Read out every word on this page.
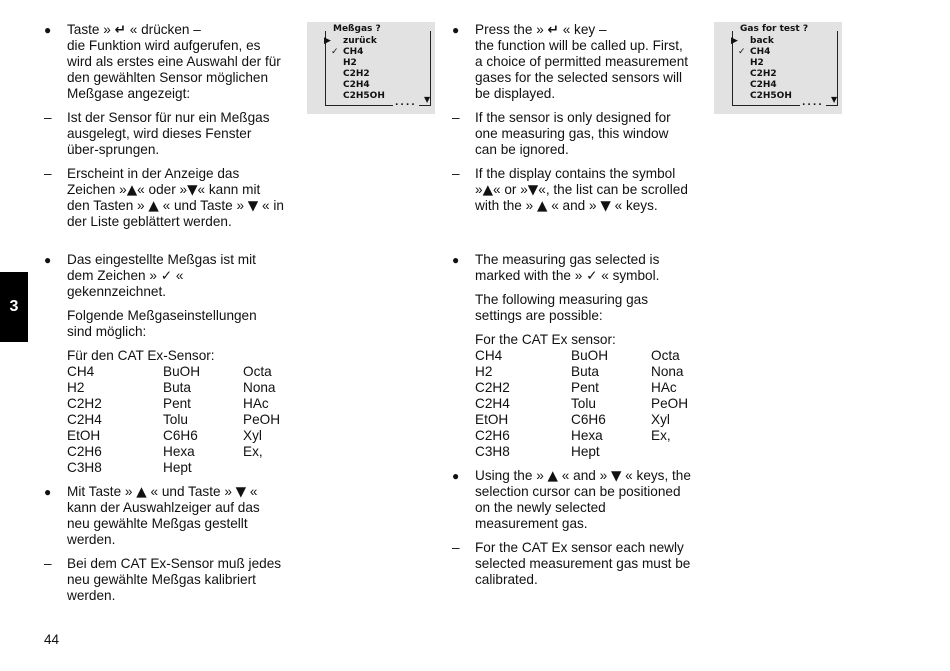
●
Taste » ↵ « drücken –
die Funktion wird aufgerufen, es wird als erstes eine Auswahl der für den gewählten Sensor möglichen Meßgase angezeigt:
–
Ist der Sensor für nur ein Meßgas ausgelegt, wird dieses Fenster über-sprungen.
–
Erscheint in der Anzeige das Zeichen »▲« oder »▼« kann mit den Tasten » ▲ « und Taste » ▼ « in der Liste geblättert werden.
●
Das eingestellte Meßgas ist mit dem Zeichen » ✓ « gekennzeichnet.
Folgende Meßgaseinstellungen sind möglich:
Für den CAT Ex-Sensor:
CH4	BuOH	Octa
H2	Buta	Nona
C2H2	Pent	HAc
C2H4	Tolu	PeOH
EtOH	C6H6	Xyl
C2H6	Hexa	Ex,
C3H8	Hept
●
Mit Taste » ▲ « und Taste » ▼ « kann der Auswahlzeiger auf das neu gewählte Meßgas gestellt werden.
–
Bei dem CAT Ex-Sensor muß jedes neu gewählte Meßgas kalibriert werden.
●
Press the » ↵ « key –
the function will be called up. First, a choice of permitted measurement gases for the selected sensors will be displayed.
–
If the sensor is only designed for one measuring gas, this window can be ignored.
–
If the display contains the symbol »▲« or »▼«, the list can be scrolled with the » ▲ « and » ▼ « keys.
●
The measuring gas selected is marked with the » ✓ « symbol.
The following measuring gas settings are possible:
For the CAT Ex sensor:
CH4	BuOH	Octa
H2	Buta	Nona
C2H2	Pent	HAc
C2H4	Tolu	PeOH
EtOH	C6H6	Xyl
C2H6	Hexa	Ex,
C3H8	Hept
●
Using the » ▲ « and » ▼ « keys, the selection cursor can be positioned on the newly selected measurement gas.
–
For the CAT Ex sensor each newly selected measurement gas must be calibrated.
Meßgas ?
▶
✓
zurück
CH4
H2
C2H2
C2H4
C2H5OH
.... ▼
Gas for test ?
▶
✓
back
CH4
H2
C2H2
C2H4
C2H5OH
.... ▼
3
44
